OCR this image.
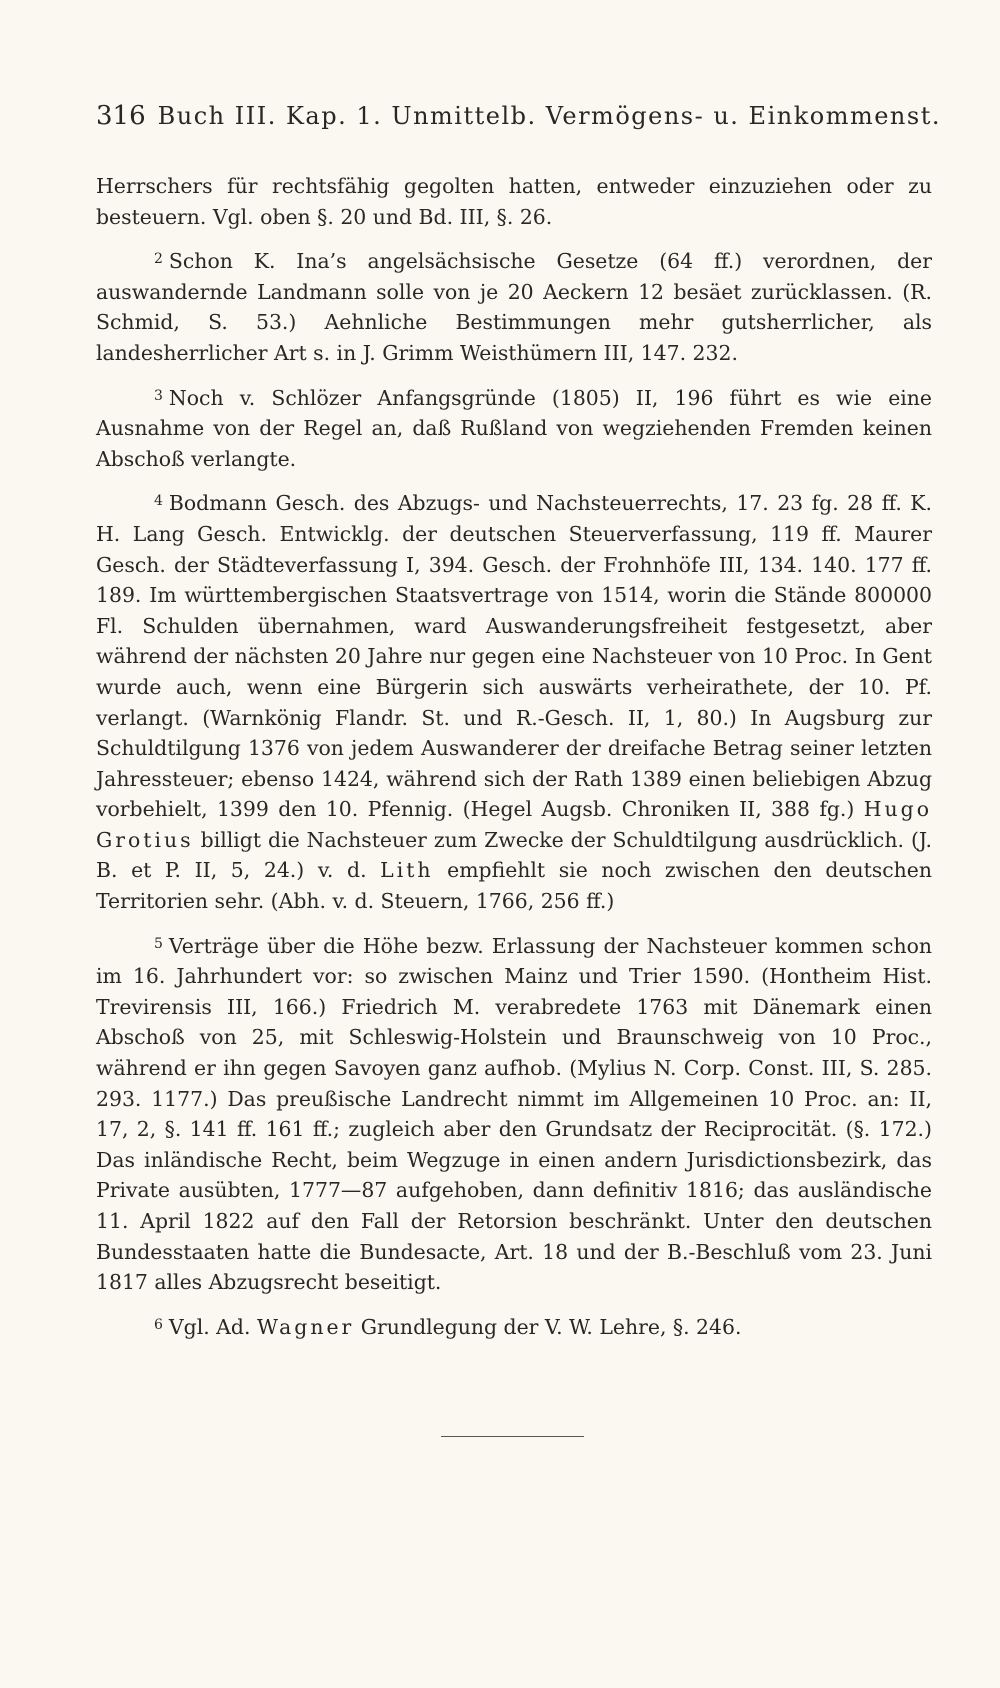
316 Buch III. Kap. 1. Unmittelb. Vermögens- u. Einkommenst.

Herrschers für rechtsfähig gegolten hatten, entweder einzuziehen oder zu besteuern. Vgl. oben §. 20 und Bd. III, §. 26.

$^2$ Schon K. Ina’s angelsächsische Gesetze (64 ff.) verordnen, der auswandernde Landmann solle von je 20 Aeckern 12 besäet zurücklassen. (R. Schmid, S. 53.) Aehnliche Bestimmungen mehr gutsherrlicher, als landesherrlicher Art s. in J. Grimm Weisthümern III, 147. 232.

$^3$ Noch v. Schlözer Anfangsgründe (1805) II, 196 führt es wie eine Ausnahme von der Regel an, daß Rußland von wegziehenden Fremden keinen Abschoß verlangte.

$^4$ Bodmann Gesch. des Abzugs- und Nachsteuerrechts, 17. 23 fg. 28 ff. K. H. Lang Gesch. Entwicklg. der deutschen Steuerverfassung, 119 ff. Maurer Gesch. der Städteverfassung I, 394. Gesch. der Frohnhöfe III, 134. 140. 177 ff. 189. Im württembergischen Staatsvertrage von 1514, worin die Stände 800000 Fl. Schulden übernahmen, ward Auswanderungsfreiheit festgesetzt, aber während der nächsten 20 Jahre nur gegen eine Nachsteuer von 10 Proc. In Gent wurde auch, wenn eine Bürgerin sich auswärts verheirathete, der 10. Pf. verlangt. (Warnkönig Flandr. St. und R.-Gesch. II, 1, 80.) In Augsburg zur Schuldtilgung 1376 von jedem Auswanderer der dreifache Betrag seiner letzten Jahressteuer; ebenso 1424, während sich der Rath 1389 einen beliebigen Abzug vorbehielt, 1399 den 10. Pfennig. (Hegel Augsb. Chroniken II, 388 fg.) Hugo Grotius billigt die Nachsteuer zum Zwecke der Schuldtilgung ausdrücklich. (J. B. et P. II, 5, 24.) v. d. Lith empfiehlt sie noch zwischen den deutschen Territorien sehr. (Abh. v. d. Steuern, 1766, 256 ff.)

$^5$ Verträge über die Höhe bezw. Erlassung der Nachsteuer kommen schon im 16. Jahrhundert vor: so zwischen Mainz und Trier 1590. (Hontheim Hist. Trevirensis III, 166.) Friedrich M. verabredete 1763 mit Dänemark einen Abschoß von 25, mit Schleswig-Holstein und Braunschweig von 10 Proc., während er ihn gegen Savoyen ganz aufhob. (Mylius N. Corp. Const. III, S. 285. 293. 1177.) Das preußische Landrecht nimmt im Allgemeinen 10 Proc. an: II, 17, 2, §. 141 ff. 161 ff.; zugleich aber den Grundsatz der Reciprocität. (§. 172.) Das inländische Recht, beim Wegzuge in einen andern Jurisdictionsbezirk, das Private ausübten, 1777—87 aufgehoben, dann definitiv 1816; das ausländische 11. April 1822 auf den Fall der Retorsion beschränkt. Unter den deutschen Bundesstaaten hatte die Bundesacte, Art. 18 und der B.-Beschluß vom 23. Juni 1817 alles Abzugsrecht beseitigt.

$^6$ Vgl. Ad. Wagner Grundlegung der V. W. Lehre, §. 246.
